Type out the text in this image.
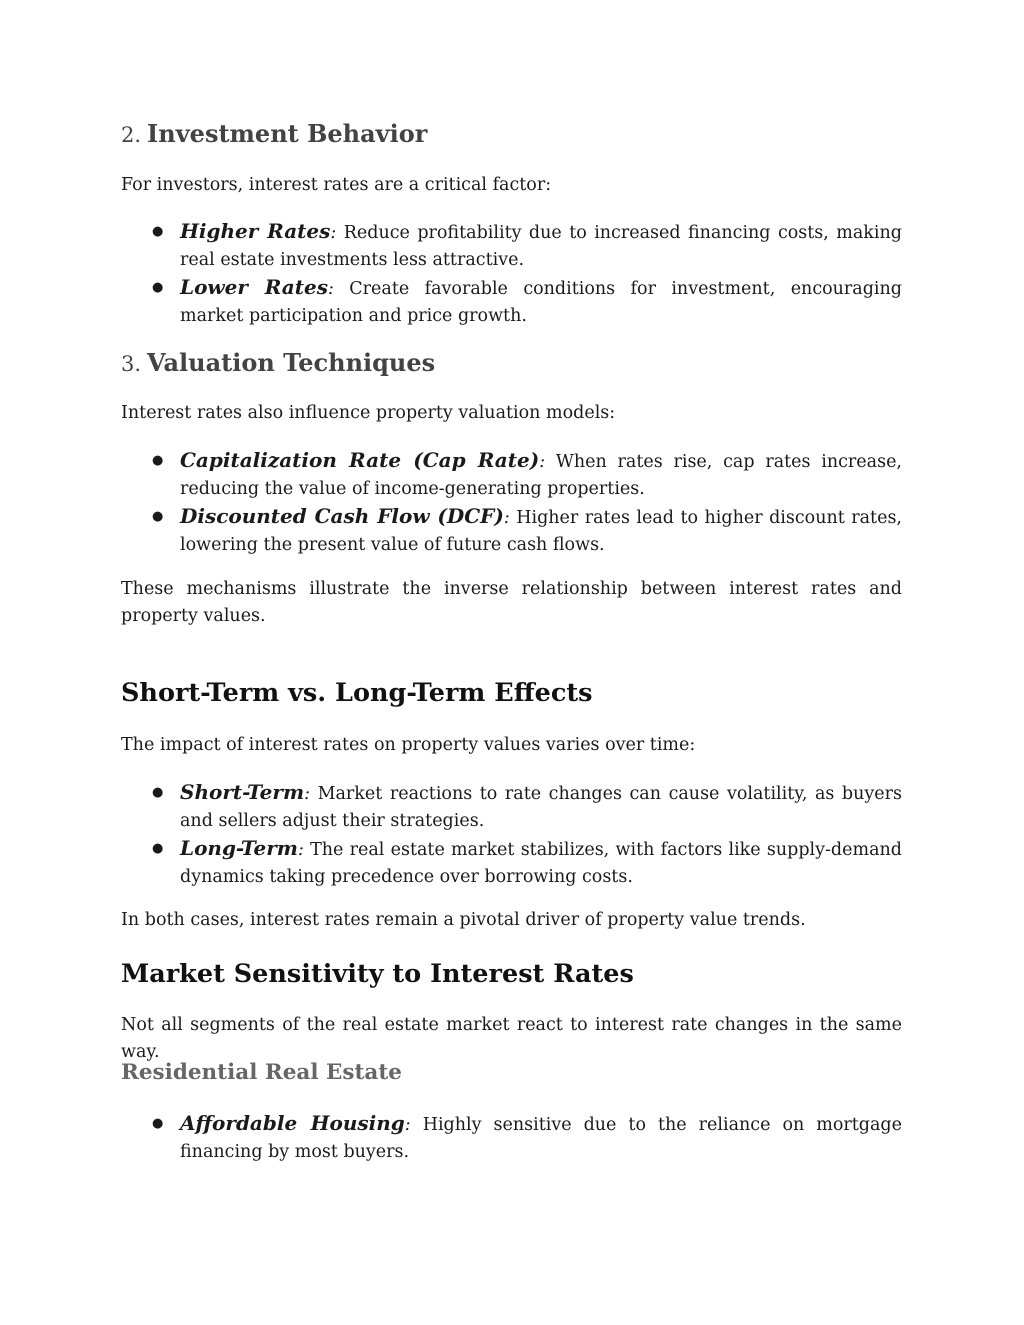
2. Investment Behavior

For investors, interest rates are a critical factor:

● Higher Rates: Reduce profitability due to increased financing costs, making real estate investments less attractive.
● Lower Rates: Create favorable conditions for investment, encouraging market participation and price growth.
3. Valuation Techniques

Interest rates also influence property valuation models:

● Capitalization Rate (Cap Rate): When rates rise, cap rates increase, reducing the value of income-generating properties.
● Discounted Cash Flow (DCF): Higher rates lead to higher discount rates, lowering the present value of future cash flows.

These mechanisms illustrate the inverse relationship between interest rates and property values.

Short-Term vs. Long-Term Effects

The impact of interest rates on property values varies over time:

● Short-Term: Market reactions to rate changes can cause volatility, as buyers and sellers adjust their strategies.
● Long-Term: The real estate market stabilizes, with factors like supply-demand dynamics taking precedence over borrowing costs.

In both cases, interest rates remain a pivotal driver of property value trends.

Market Sensitivity to Interest Rates

Not all segments of the real estate market react to interest rate changes in the same way.

Residential Real Estate
● Affordable Housing: Highly sensitive due to the reliance on mortgage financing by most buyers.
